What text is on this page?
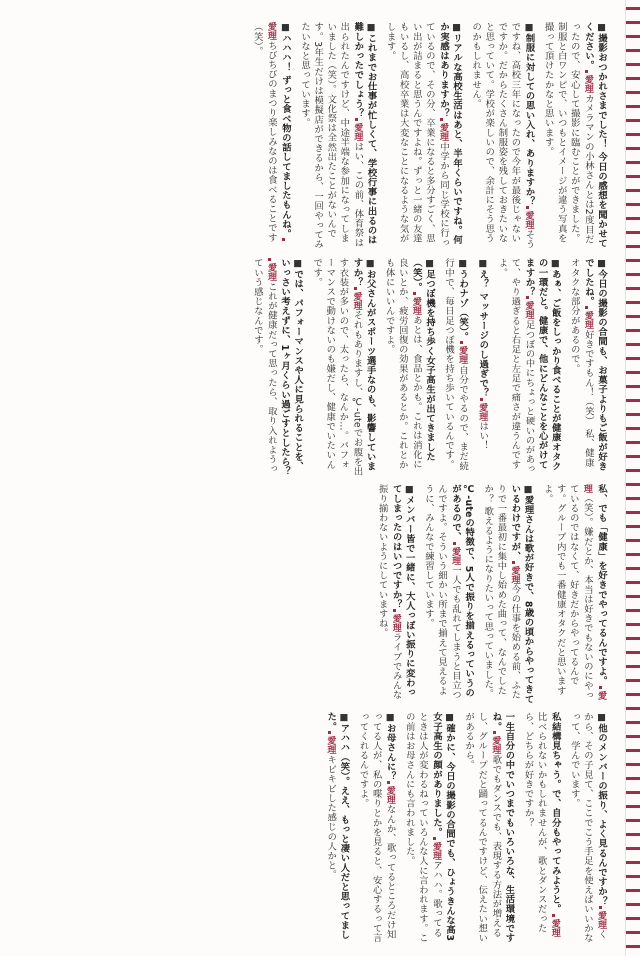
■ 撮影おつかれさまでした！ 今日の感想を聞かせてください。愛理カメラマンの小林さんとは2度目だったので、安心して撮影に臨むことができました。制服と白ワンピで、いつもとイメージが違う写真を撮って頂けたかなと思います。
■ 制服に対しての思い入れ、ありますか？愛理そうですね、高校三年になったので今年が最後じゃないですか。だからたくさん制服姿を残しておきたいなと思っていて。学校が楽しいので、余計にそう思うのかもしれません。
■ リアルな高校生活はあと、半年くらいですね。何か実感はありますか？愛理中学から同じ学校に行っているので、その分、卒業になると多分すごく、思い出が詰まると思うんですよね。ずっと一緒の友達もいるし、高校卒業は大変なことになるような気がします。
■ これまでお仕事が忙しくて、学校行事に出るのは難しかったでしょう？愛理はい、この前、体育祭は出られたんですけど、中途半端な参加になってしまいました（笑）。文化祭は全然出たことがないんです。3年生だけは模擬店ができるから、一回やってみたいなと思っています。
■ ハハハ！ ずっと食べ物の話してましたもんね。愛理ちびちびのまつり楽しみなのは食べることです（笑）。
■ 今日の撮影の合間も、お菓子よりもご飯が好きでしたね。愛理好きですもん！（笑） 私、健康オタクな部分があるので。
■ あぁ、ご飯をしっかり食べることが健康オタクの一環だと。健康で、他にどんなことを心がけてますか？愛理足つぼの中にちょっと硬いのがあって、やり過ぎると右足と左足で痛さが違うんですよ。
■ え？ マッサージのし過ぎで？愛理はい！
■ うわナゾ（笑）。愛理自分でやるので、まだ続行中で、毎日足つぼ機を持ち歩いているんです。
■ 足つぼ機を持ち歩く女子高生が出てきました（笑）。愛理あとは、食品とかも。これは消化に良いとか、疲労回復の効果があるとか。これとかも体にいいんですよ。
■ お父さんがスポーツ選手なのも、影響していますか？愛理それもありますし、℃-uteでお腹を出す衣装が多いので、太ったら、なんか…。パフォーマンスで動けないのも嫌だし、健康でいたいんです。
■ では、パフォーマンスや人に見られることを、いっさい考えずに、1ヶ月くらい過ごすとしたら？愛理これが健康だって思ったら、取り入れようっていう感じなんです。
私、でも「健康」を好きでやってるんですよ。愛理（笑）。嫌だとか、本当は好きでもないのにやっているのではなくて、好きだからやってるんです。グループ内でも一番健康オタクだと思いますよ。
■ 愛理さんは歌が好きで、8歳の頃からやってきているわけですが、愛理今の仕事を始める前、ふたりで一番最初に集中し始めた曲って、なんでしたか？ 歌えるようになりたいって思っていました。
℃-uteの特徴で、5人で振りを揃えるっていうのがあるので、愛理一人でも乱れてしまうと目立つんですよ。そういう細かい所まで揃えて見えるように、みんなで練習しています。
■ メンバー皆で一緒に、大人っぽい振りに変わってしまったのはいつですか？愛理ライブでみんな振り揃わないようにしていますね。
■ 他のメンバーの振り、よく見るんですか？愛理くから、その子見て、ここでこう手足を使えばいいかなって、学んでいます。
私結構見ちゃう。で、自分もやってみようと。愛理比べられないかもしれませんが、歌とダンスだったら、どちらが好きですか？
一生自分の中でいつまでもいろいろな、生活環境ですね。愛理歌でもダンスでも、表現する方法が増えるし、グループだと踊ってるんですけど、伝えたい想いがあるから。
■ 確かに、今日の撮影の合間でも、ひょうきんな高3女子高生の顔がありました。愛理アハハ。歌ってるときは人が変わるねっていろんな人に言われます。この前はお母さんにも言われました。
■ お母さんに？愛理なんか、歌ってるところだけ知ってる人が、私の喋りとかを見ると、安心するって言ってくれるんですよ。
■ アハハ（笑）。ええ、もっと凄い人だと思ってました。愛理キビキビした感じの人かと。
